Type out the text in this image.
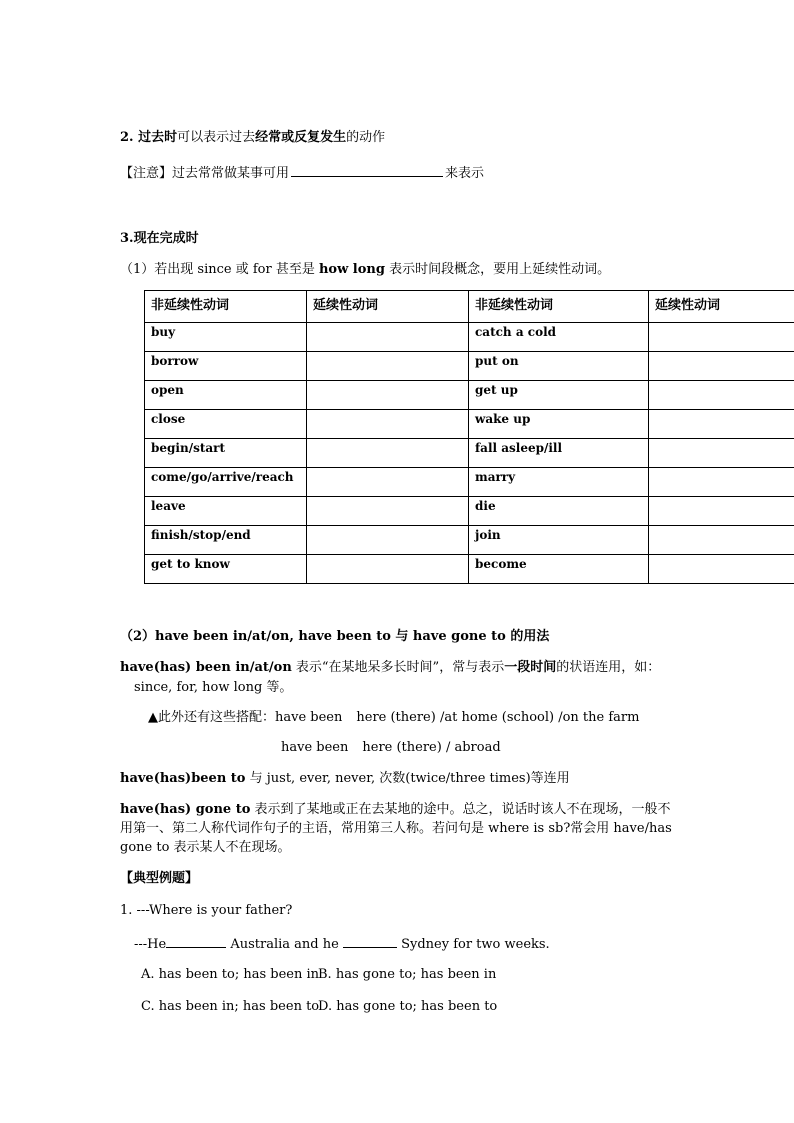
2. 过去时可以表示过去经常或反复发生的动作
【注意】过去常常做某事可用	来表示
3.现在完成时
（1）若出现 since 或 for 甚至是 how long 表示时间段概念，要用上延续性动词。
非延续性动词	延续性动词	非延续性动词	延续性动词
buy		catch a cold	
borrow		put on	
open		get up	
close		wake up	
begin/start		fall asleep/ill	
come/go/arrive/reach		marry	
leave		die	
finish/stop/end		join	
get to know		become	
（2）have been in/at/on, have been to 与 have gone to 的用法
have(has) been in/at/on 表示“在某地呆多长时间”，常与表示一段时间的状语连用，如：
since, for, how long 等。
▲此外还有这些搭配：have been here (there) /at home (school) /on the farm
have been here (there) / abroad
have(has)been to 与 just, ever, never, 次数(twice/three times)等连用
have(has) gone to 表示到了某地或正在去某地的途中。总之，说话时该人不在现场，一般不
用第一、第二人称代词作句子的主语，常用第三人称。若问句是 where is sb?常会用 have/has
gone to 表示某人不在现场。
【典型例题】
1. ---Where is your father?
---He	Australia and he	Sydney for two weeks.
A. has been to; has been in
B. has gone to; has been in
C. has been in; has been to
D. has gone to; has been to
